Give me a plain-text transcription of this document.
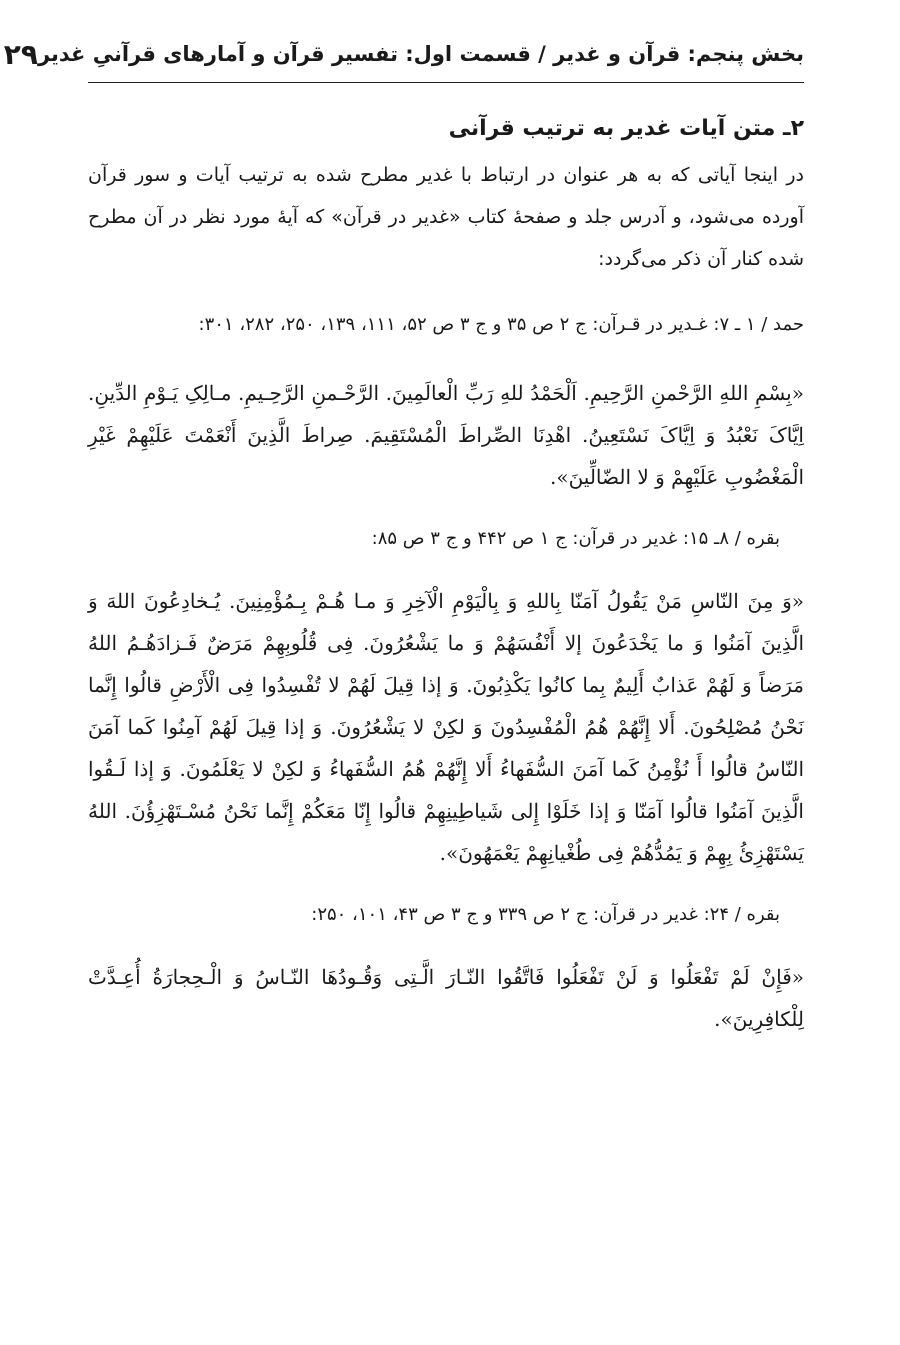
بخش پنجم: قرآن و غدیر / قسمت اول: تفسیر قرآن و آمارهای قرآنیِ غدیر
۲۹
۲ـ متن آیات غدیر به ترتیب قرآنی

در اینجا آیاتی که به هر عنوان در ارتباط با غدیر مطرح شده به ترتیب آیات و سور قرآن آورده می‌شود، و آدرس جلد و صفحهٔ کتاب «غدیر در قرآن» که آیهٔ مورد نظر در آن مطرح شده کنار آن ذکر می‌گردد:

حمد / ۱ ـ ۷: غـدیر در قـرآن: ج ۲ ص ۳۵ و ج ۳ ص ۵۲، ۱۱۱، ۱۳۹، ۲۵۰، ۲۸۲، ۳۰۱:

«بِسْمِ اللهِ الرَّحْمنِ الرَّحِیمِ. اَلْحَمْدُ للهِ رَبِّ الْعالَمِینَ. الرَّحْـمنِ الرَّحِـیمِ. مـالِکِ یَـوْمِ الدِّینِ. اِیَّاکَ نَعْبُدُ وَ اِیَّاکَ نَسْتَعِینُ. اهْدِنَا الصِّراطَ الْمُسْتَقِیمَ. صِراطَ الَّذِینَ أَنْعَمْتَ عَلَیْهِمْ غَیْرِ الْمَغْضُوبِ عَلَیْهِمْ وَ لا الضّالِّینَ».

بقره / ۸ـ ۱۵: غدیر در قرآن: ج ۱ ص ۴۴۲ و ج ۳ ص ۸۵:

«وَ مِنَ النّاسِ مَنْ یَقُولُ آمَنّا بِاللهِ وَ بِالْیَوْمِ الْآخِرِ وَ مـا هُـمْ بِـمُؤْمِنِینَ. یُـخادِعُونَ اللهَ وَ الَّذِینَ آمَنُوا وَ ما یَخْدَعُونَ إلا أَنْفُسَهُمْ وَ ما یَشْعُرُونَ. فِی قُلُوبِهِمْ مَرَضٌ فَـزادَهُـمُ اللهُ مَرَضاً وَ لَهُمْ عَذابٌ أَلِیمٌ بِما کانُوا یَکْذِبُونَ. وَ إذا قِیلَ لَهُمْ لا تُفْسِدُوا فِی الْأَرْضِ قالُوا إِنَّما نَحْنُ مُصْلِحُونَ. أَلا إِنَّهُمْ هُمُ الْمُفْسِدُونَ وَ لکِنْ لا یَشْعُرُونَ. وَ إذا قِیلَ لَهُمْ آمِنُوا کَما آمَنَ النّاسُ قالُوا أَ نُؤْمِنُ کَما آمَنَ السُّفَهاءُ أَلا إِنَّهُمْ هُمُ السُّفَهاءُ وَ لکِنْ لا یَعْلَمُونَ. وَ إذا لَـقُوا الَّذِینَ آمَنُوا قالُوا آمَنّا وَ إذا خَلَوْا إِلی شَیاطِینِهِمْ قالُوا إِنّا مَعَکُمْ إِنَّما نَحْنُ مُسْـتَهْزِؤُنَ. اللهُ یَسْتَهْزِئُ بِهِمْ وَ یَمُدُّهُمْ فِی طُغْیانِهِمْ یَعْمَهُونَ».

بقره / ۲۴: غدیر در قرآن: ج ۲ ص ۳۳۹ و ج ۳ ص ۴۳، ۱۰۱، ۲۵۰:

«فَإِنْ لَمْ تَفْعَلُوا وَ لَنْ تَفْعَلُوا فَاتَّقُوا النّـارَ الَّـتِی وَقُـودُهَا النّـاسُ وَ الْـحِجارَةُ أُعِـدَّتْ لِلْکافِرِینَ».
